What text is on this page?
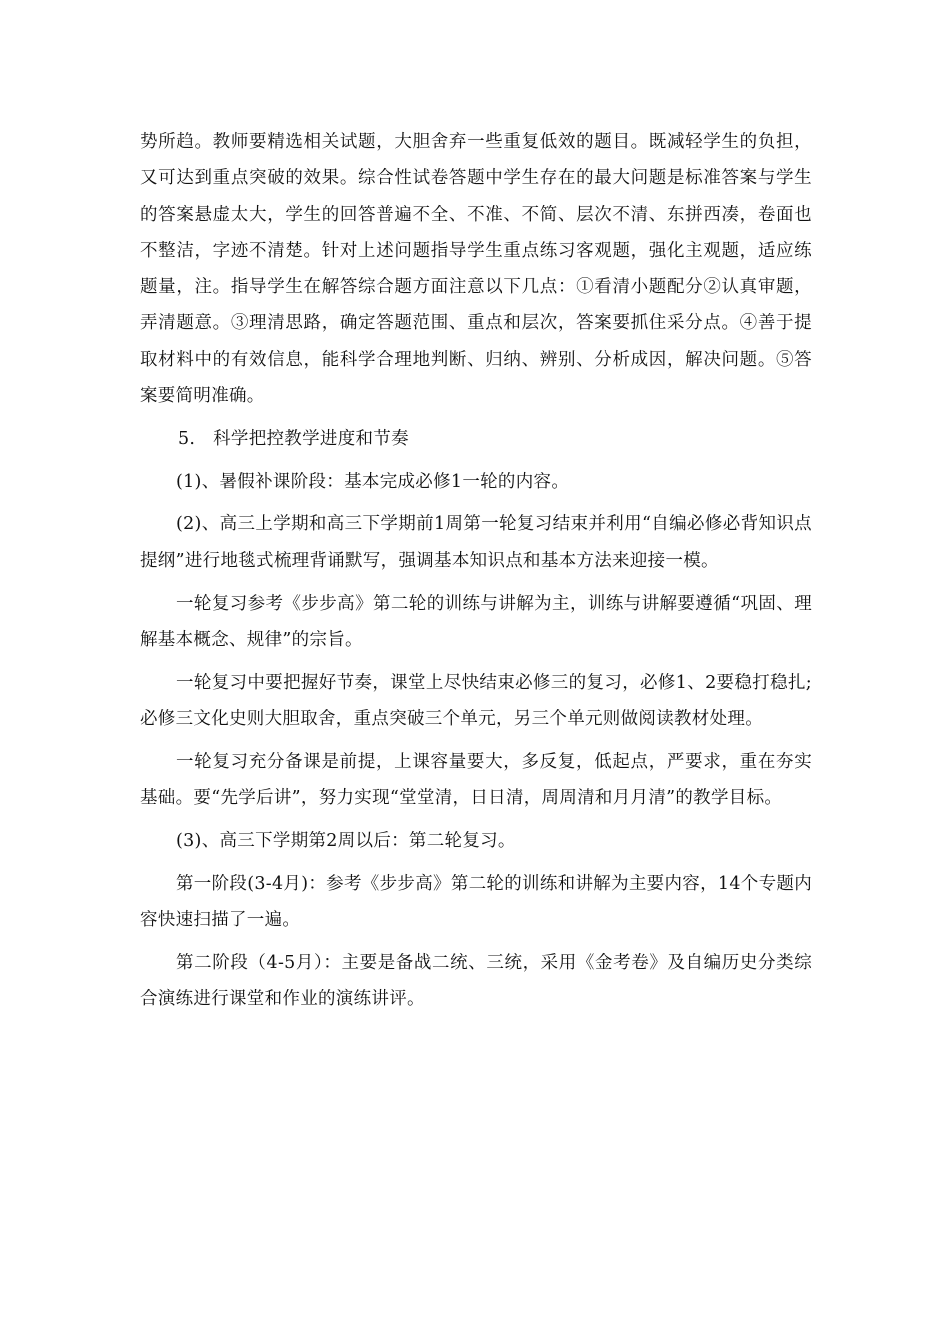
势所趋。教师要精选相关试题，大胆舍弃一些重复低效的题目。既减轻学生的负担，又可达到重点突破的效果。综合性试卷答题中学生存在的最大问题是标准答案与学生的答案悬虚太大，学生的回答普遍不全、不准、不简、层次不清、东拼西凑，卷面也不整洁，字迹不清楚。针对上述问题指导学生重点练习客观题，强化主观题，适应练题量，注。指导学生在解答综合题方面注意以下几点：①看清小题配分②认真审题，弄清题意。③理清思路，确定答题范围、重点和层次，答案要抓住采分点。④善于提取材料中的有效信息，能科学合理地判断、归纳、辨别、分析成因，解决问题。⑤答案要简明准确。

5.　科学把控教学进度和节奏

(1)、暑假补课阶段：基本完成必修1一轮的内容。

(2)、高三上学期和高三下学期前1周第一轮复习结束并利用“自编必修必背知识点提纲”进行地毯式梳理背诵默写，强调基本知识点和基本方法来迎接一模。

一轮复习参考《步步高》第二轮的训练与讲解为主，训练与讲解要遵循“巩固、理解基本概念、规律”的宗旨。

一轮复习中要把握好节奏，课堂上尽快结束必修三的复习，必修1、2要稳打稳扎;必修三文化史则大胆取舍，重点突破三个单元，另三个单元则做阅读教材处理。

一轮复习充分备课是前提，上课容量要大，多反复，低起点，严要求，重在夯实基础。要“先学后讲”，努力实现“堂堂清，日日清，周周清和月月清”的教学目标。

(3)、高三下学期第2周以后：第二轮复习。

第一阶段(3-4月)：参考《步步高》第二轮的训练和讲解为主要内容，14个专题内容快速扫描了一遍。

第二阶段（4-5月）：主要是备战二统、三统，采用《金考卷》及自编历史分类综合演练进行课堂和作业的演练讲评。
